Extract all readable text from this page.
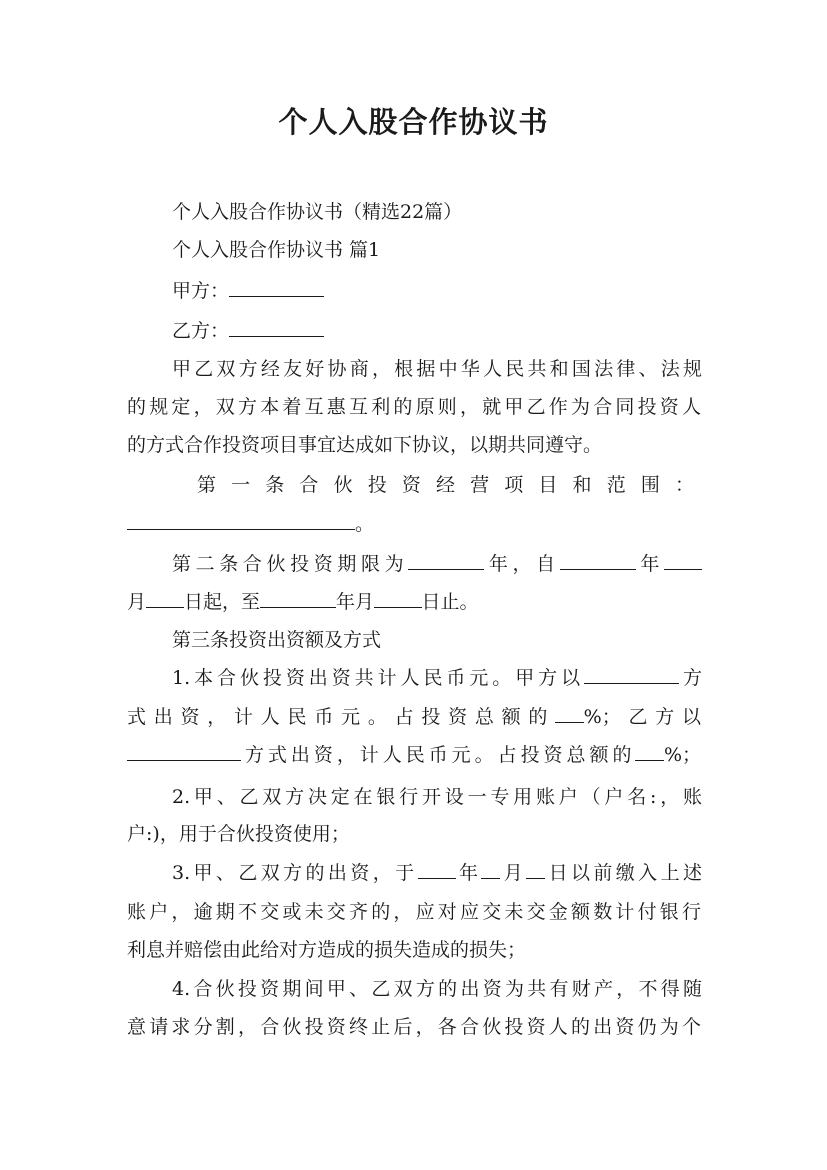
个人入股合作协议书
个人入股合作协议书（精选22篇）
个人入股合作协议书 篇1
甲方：
乙方：
甲乙双方经友好协商，根据中华人民共和国法律、法规
的规定，双方本着互惠互利的原则，就甲乙作为合同投资人
的方式合作投资项目事宜达成如下协议，以期共同遵守。
第一条合伙投资经营项目和范围：
。
第二条合伙投资期限为	年，自	年
月 日起，至	年月	日止。
第三条投资出资额及方式
1.本合伙投资出资共计人民币元。甲方以	方
式出资，计人民币元。占投资总额的 %；乙方以
方式出资，计人民币元。占投资总额的 %；
2.甲、乙双方决定在银行开设一专用账户（户名:，账
户:)，用于合伙投资使用；
3.甲、乙双方的出资，于 年 月 日以前缴入上述
账户，逾期不交或未交齐的，应对应交未交金额数计付银行
利息并赔偿由此给对方造成的损失造成的损失；
4.合伙投资期间甲、乙双方的出资为共有财产，不得随
意请求分割，合伙投资终止后，各合伙投资人的出资仍为个
